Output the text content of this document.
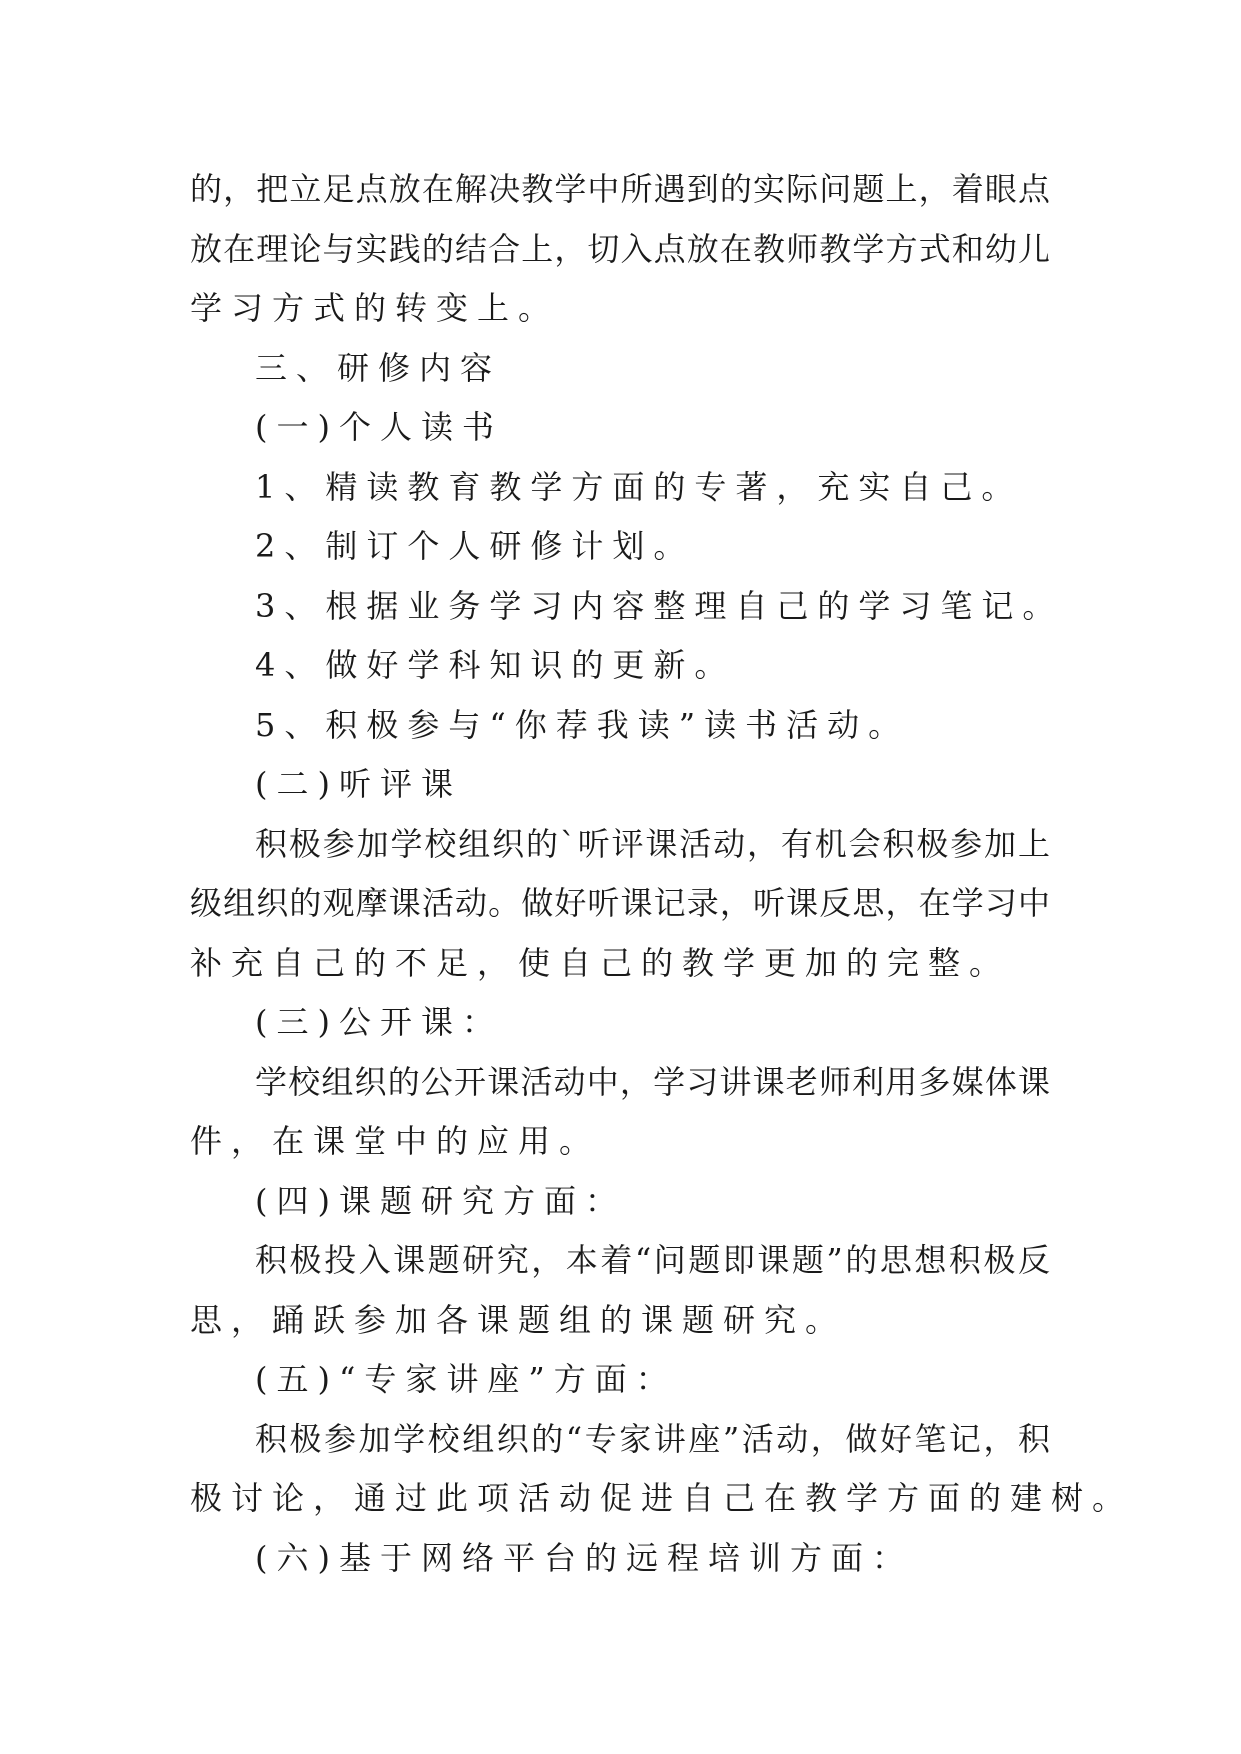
的，把立足点放在解决教学中所遇到的实际问题上，着眼点

放在理论与实践的结合上，切入点放在教师教学方式和幼儿

学习方式的转变上。

三、研修内容

(一)个人读书

1、精读教育教学方面的专著，充实自己。

2、制订个人研修计划。

3、根据业务学习内容整理自己的学习笔记。

4、做好学科知识的更新。

5、积极参与“你荐我读”读书活动。

(二)听评课

积极参加学校组织的`听评课活动，有机会积极参加上

级组织的观摩课活动。做好听课记录，听课反思，在学习中

补充自己的不足，使自己的教学更加的完整。

(三)公开课：

学校组织的公开课活动中，学习讲课老师利用多媒体课

件，在课堂中的应用。

(四)课题研究方面：

积极投入课题研究，本着“问题即课题”的思想积极反

思，踊跃参加各课题组的课题研究。

(五)“专家讲座”方面：

积极参加学校组织的“专家讲座”活动，做好笔记，积

极讨论，通过此项活动促进自己在教学方面的建树。

(六)基于网络平台的远程培训方面：
